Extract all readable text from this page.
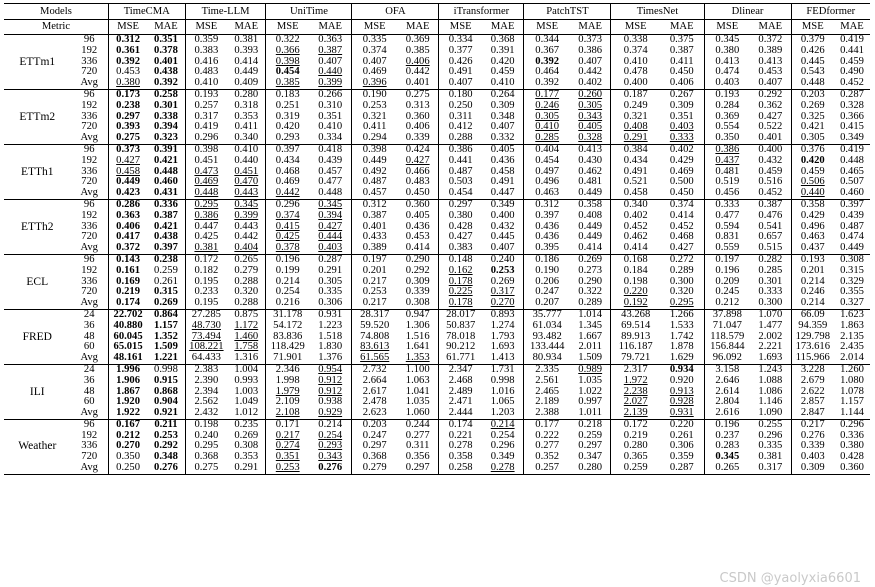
Models		TimeCMA		Time-LLM		UniTime		OFA		iTransformer		PatchTST		TimesNet		Dlinear		FEDformer	
Metric		MSE	MAE	MSE	MAE	MSE	MAE	MSE	MAE	MSE	MAE	MSE	MAE	MSE	MAE	MSE	MAE	MSE	MAE
ETTm1	96	0.312	0.351	0.359	0.381	0.322	0.363	0.335	0.369	0.334	0.368	0.344	0.373	0.338	0.375	0.345	0.372	0.379	0.419
	192	0.361	0.378	0.383	0.393	0.366	0.387	0.374	0.385	0.377	0.391	0.367	0.386	0.374	0.387	0.380	0.389	0.426	0.441
	336	0.392	0.401	0.416	0.414	0.398	0.407	0.407	0.406	0.426	0.420	0.392	0.407	0.410	0.411	0.413	0.413	0.445	0.459
	720	0.453	0.438	0.483	0.449	0.454	0.440	0.469	0.442	0.491	0.459	0.464	0.442	0.478	0.450	0.474	0.453	0.543	0.490
	Avg	0.380	0.392	0.410	0.409	0.385	0.399	0.396	0.401	0.407	0.410	0.392	0.402	0.400	0.406	0.403	0.407	0.448	0.452
ETTm2	96	0.173	0.258	0.193	0.280	0.183	0.266	0.190	0.275	0.180	0.264	0.177	0.260	0.187	0.267	0.193	0.292	0.203	0.287
	192	0.238	0.301	0.257	0.318	0.251	0.310	0.253	0.313	0.250	0.309	0.246	0.305	0.249	0.309	0.284	0.362	0.269	0.328
	336	0.297	0.338	0.317	0.353	0.319	0.351	0.321	0.360	0.311	0.348	0.305	0.343	0.321	0.351	0.369	0.427	0.325	0.366
	720	0.393	0.394	0.419	0.411	0.420	0.410	0.411	0.406	0.412	0.407	0.410	0.405	0.408	0.403	0.554	0.522	0.421	0.415
	Avg	0.275	0.323	0.296	0.340	0.293	0.334	0.294	0.339	0.288	0.332	0.285	0.328	0.291	0.333	0.350	0.401	0.305	0.349
ETTh1	96	0.373	0.391	0.398	0.410	0.397	0.418	0.398	0.424	0.386	0.405	0.404	0.413	0.384	0.402	0.386	0.400	0.376	0.419
	192	0.427	0.421	0.451	0.440	0.434	0.439	0.449	0.427	0.441	0.436	0.454	0.430	0.434	0.429	0.437	0.432	0.420	0.448
	336	0.458	0.448	0.473	0.451	0.468	0.457	0.492	0.466	0.487	0.458	0.497	0.462	0.491	0.469	0.481	0.459	0.459	0.465
	720	0.449	0.460	0.469	0.470	0.469	0.477	0.487	0.483	0.503	0.491	0.496	0.481	0.521	0.500	0.519	0.516	0.506	0.507
	Avg	0.423	0.431	0.448	0.443	0.442	0.448	0.457	0.450	0.454	0.447	0.463	0.449	0.458	0.450	0.456	0.452	0.440	0.460
ETTh2	96	0.286	0.336	0.295	0.345	0.296	0.345	0.312	0.360	0.297	0.349	0.312	0.358	0.340	0.374	0.333	0.387	0.358	0.397
	192	0.363	0.387	0.386	0.399	0.374	0.394	0.387	0.405	0.380	0.400	0.397	0.408	0.402	0.414	0.477	0.476	0.429	0.439
	336	0.406	0.421	0.447	0.443	0.415	0.427	0.401	0.436	0.428	0.432	0.436	0.449	0.452	0.452	0.594	0.541	0.496	0.487
	720	0.417	0.438	0.425	0.442	0.425	0.444	0.433	0.453	0.427	0.445	0.436	0.449	0.462	0.468	0.831	0.657	0.463	0.474
	Avg	0.372	0.397	0.381	0.404	0.378	0.403	0.389	0.414	0.383	0.407	0.395	0.414	0.414	0.427	0.559	0.515	0.437	0.449
ECL	96	0.143	0.238	0.172	0.265	0.196	0.287	0.197	0.290	0.148	0.240	0.186	0.269	0.168	0.272	0.197	0.282	0.193	0.308
	192	0.161	0.259	0.182	0.279	0.199	0.291	0.201	0.292	0.162	0.253	0.190	0.273	0.184	0.289	0.196	0.285	0.201	0.315
	336	0.169	0.261	0.195	0.288	0.214	0.305	0.217	0.309	0.178	0.269	0.206	0.290	0.198	0.300	0.209	0.301	0.214	0.329
	720	0.219	0.315	0.233	0.320	0.254	0.335	0.253	0.339	0.225	0.317	0.247	0.322	0.220	0.320	0.245	0.333	0.246	0.355
	Avg	0.174	0.269	0.195	0.288	0.216	0.306	0.217	0.308	0.178	0.270	0.207	0.289	0.192	0.295	0.212	0.300	0.214	0.327
FRED	24	22.702	0.864	27.285	0.875	31.178	0.931	28.317	0.947	28.017	0.893	35.777	1.014	43.268	1.266	37.898	1.070	66.09	1.623
	36	40.880	1.157	48.730	1.172	54.172	1.223	59.520	1.306	50.837	1.274	61.034	1.345	69.514	1.533	71.047	1.477	94.359	1.863
	48	60.045	1.352	73.494	1.460	83.836	1.518	74.808	1.516	78.018	1.793	93.482	1.667	89.913	1.742	118.579	2.002	129.798	2.135
	60	65.015	1.509	108.221	1.758	118.429	1.830	83.613	1.641	90.212	1.693	133.444	2.011	116.187	1.878	156.844	2.221	173.616	2.435
	Avg	48.161	1.221	64.433	1.316	71.901	1.376	61.565	1.353	61.771	1.413	80.934	1.509	79.721	1.629	96.092	1.693	115.966	2.014
ILI	24	1.996	0.998	2.383	1.004	2.346	0.954	2.732	1.100	2.347	1.731	2.335	0.989	2.317	0.934	3.158	1.243	3.228	1.260
	36	1.906	0.915	2.390	0.993	1.998	0.912	2.664	1.063	2.468	0.998	2.561	1.035	1.972	0.920	2.646	1.088	2.679	1.080
	48	1.867	0.868	2.394	1.003	1.979	0.912	2.617	1.041	2.489	1.016	2.465	1.022	2.238	0.913	2.614	1.086	2.622	1.078
	60	1.920	0.904	2.562	1.049	2.109	0.938	2.478	1.035	2.471	1.065	2.189	0.997	2.027	0.928	2.804	1.146	2.857	1.157
	Avg	1.922	0.921	2.432	1.012	2.108	0.929	2.623	1.060	2.444	1.203	2.388	1.011	2.139	0.931	2.616	1.090	2.847	1.144
Weather	96	0.167	0.211	0.198	0.235	0.171	0.214	0.203	0.244	0.174	0.214	0.177	0.218	0.172	0.220	0.196	0.255	0.217	0.296
	192	0.212	0.253	0.240	0.269	0.217	0.254	0.247	0.277	0.221	0.254	0.222	0.259	0.219	0.261	0.237	0.296	0.276	0.336
	336	0.270	0.292	0.295	0.308	0.274	0.293	0.297	0.311	0.278	0.296	0.277	0.297	0.280	0.306	0.283	0.335	0.339	0.380
	720	0.350	0.348	0.368	0.353	0.351	0.343	0.368	0.356	0.358	0.349	0.352	0.347	0.365	0.359	0.345	0.381	0.403	0.428
	Avg	0.250	0.276	0.275	0.291	0.253	0.276	0.279	0.297	0.258	0.278	0.257	0.280	0.259	0.287	0.265	0.317	0.309	0.360
CSDN @yaolyxia6601
